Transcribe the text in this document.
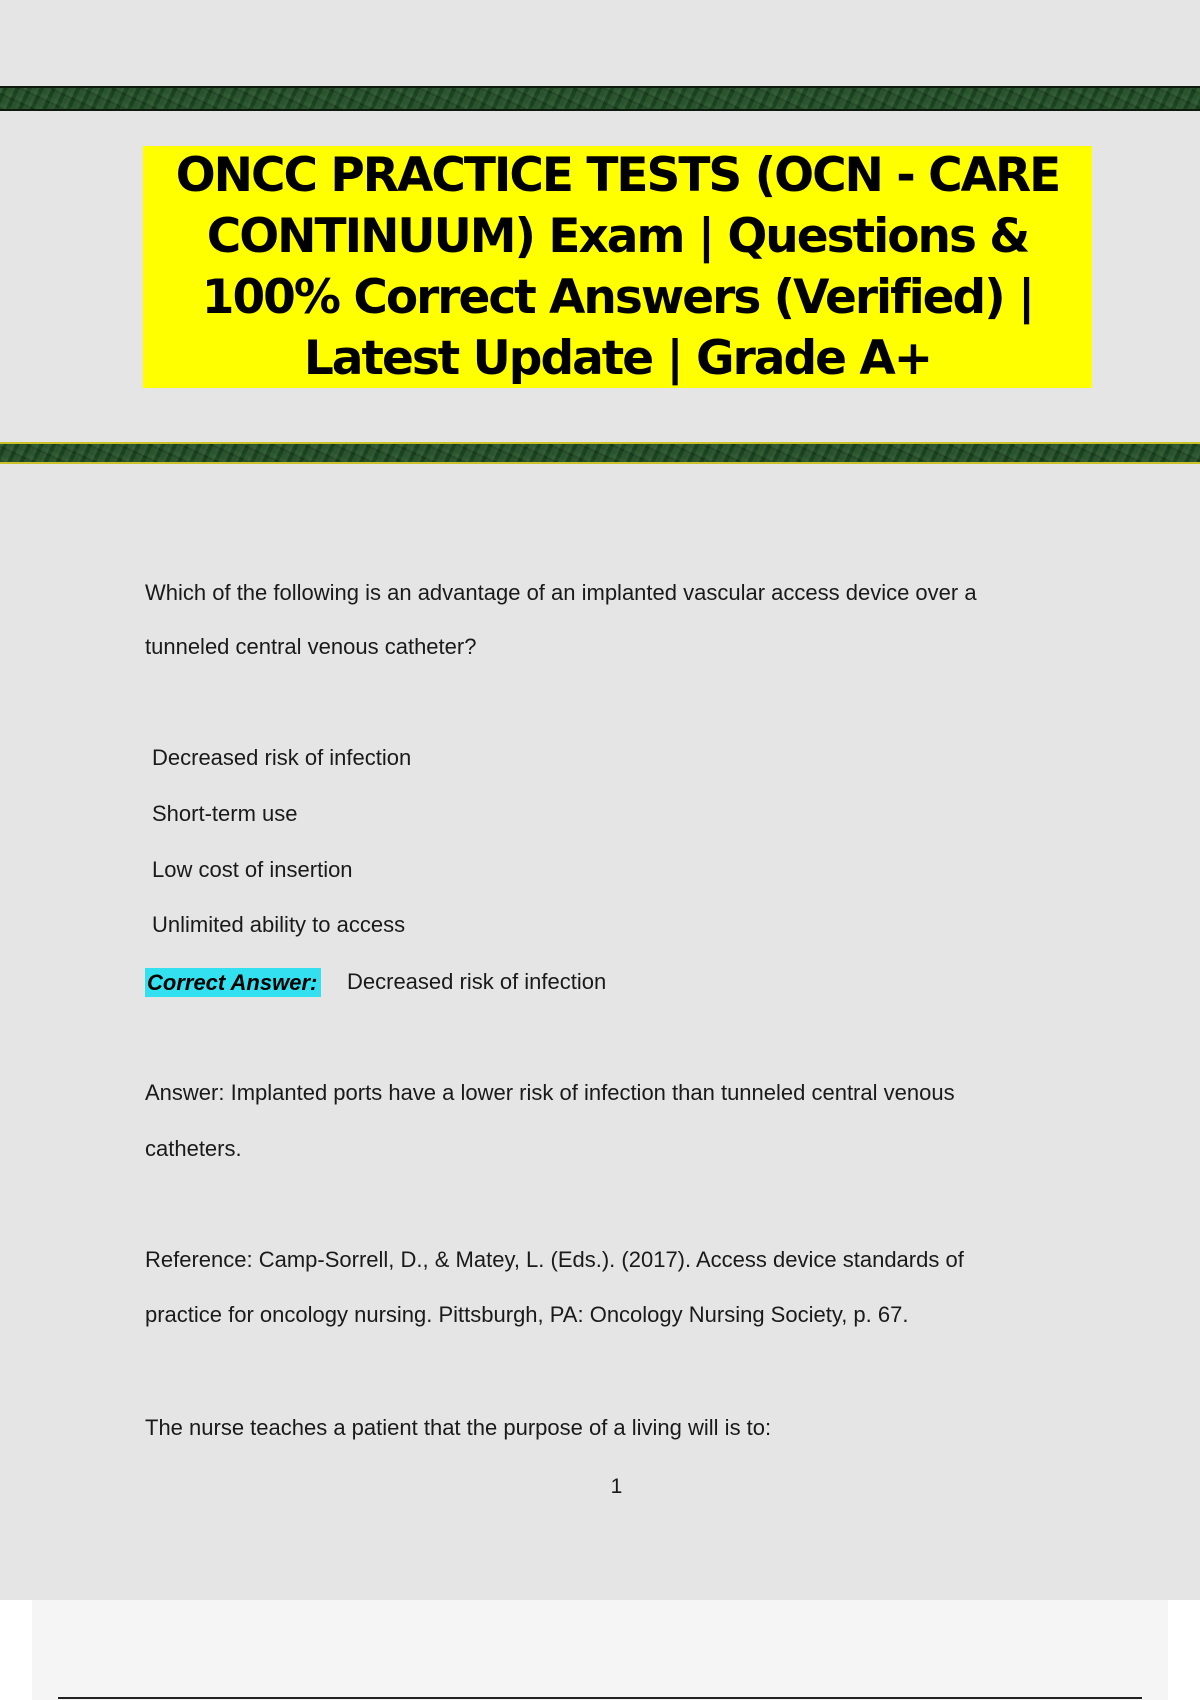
ONCC PRACTICE TESTS (OCN - CARE CONTINUUM) Exam | Questions & 100% Correct Answers (Verified) | Latest Update | Grade A+
Which of the following is an advantage of an implanted vascular access device over a
tunneled central venous catheter?
Decreased risk of infection
Short-term use
Low cost of insertion
Unlimited ability to access
Correct Answer: Decreased risk of infection
Answer: Implanted ports have a lower risk of infection than tunneled central venous
catheters.
Reference: Camp-Sorrell, D., & Matey, L. (Eds.). (2017). Access device standards of
practice for oncology nursing. Pittsburgh, PA: Oncology Nursing Society, p. 67.
The nurse teaches a patient that the purpose of a living will is to:
1
